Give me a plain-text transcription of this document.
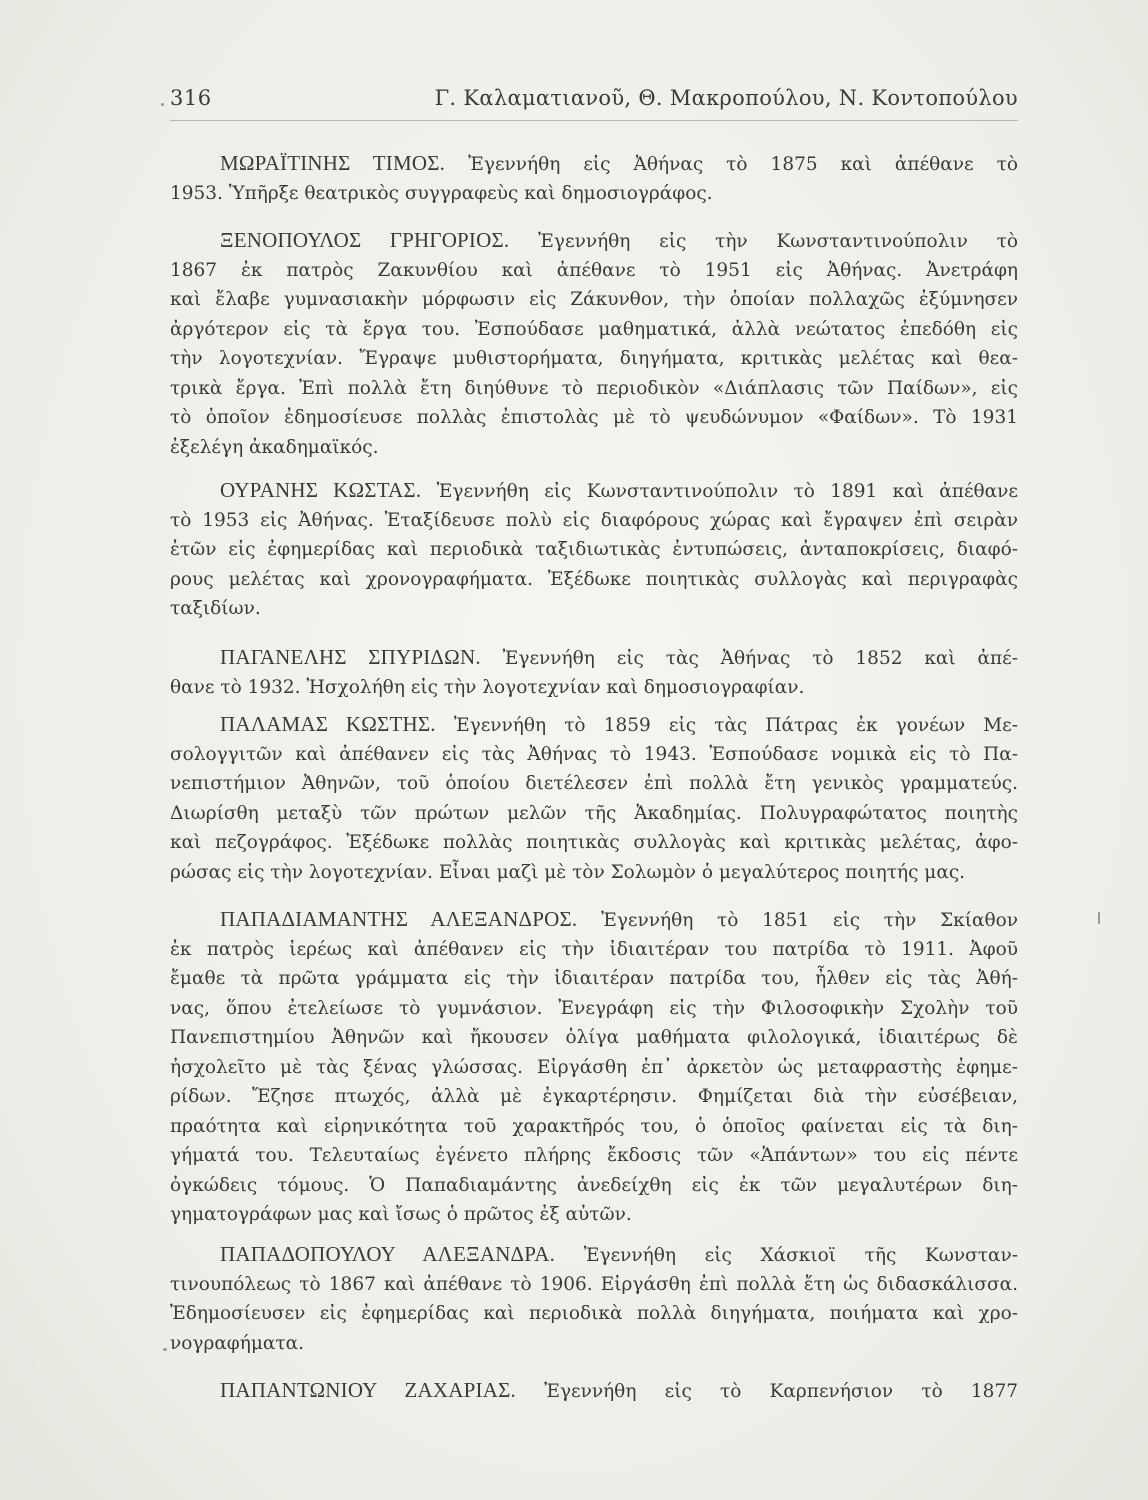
316	Γ. Καλαματιανοῦ, Θ. Μακροπούλου, Ν. Κοντοπούλου
ΜΩΡΑΪΤΙΝΗΣ ΤΙΜΟΣ. Ἐγεννήθη εἰς Ἀθήνας τὸ 1875 καὶ ἀπέθανε τὸ
1953. Ὑπῆρξε θεατρικὸς συγγραφεὺς καὶ δημοσιογράφος.
ΞΕΝΟΠΟΥΛΟΣ ΓΡΗΓΟΡΙΟΣ. Ἐγεννήθη εἰς τὴν Κωνσταντινούπολιν τὸ
1867 ἐκ πατρὸς Ζακυνθίου καὶ ἀπέθανε τὸ 1951 εἰς Ἀθήνας. Ἀνετράφη
καὶ ἔλαβε γυμνασιακὴν μόρφωσιν εἰς Ζάκυνθον, τὴν ὁποίαν πολλαχῶς ἐξύμνησεν
ἀργότερον εἰς τὰ ἔργα του. Ἐσπούδασε μαθηματικά, ἀλλὰ νεώτατος ἐπεδόθη εἰς
τὴν λογοτεχνίαν. Ἔγραψε μυθιστορήματα, διηγήματα, κριτικὰς μελέτας καὶ θεα-
τρικὰ ἔργα. Ἐπὶ πολλὰ ἔτη διηύθυνε τὸ περιοδικὸν «Διάπλασις τῶν Παίδων», εἰς
τὸ ὁποῖον ἐδημοσίευσε πολλὰς ἐπιστολὰς μὲ τὸ ψευδώνυμον «Φαίδων». Τὸ 1931
ἐξελέγη ἀκαδημαϊκός.
ΟΥΡΑΝΗΣ ΚΩΣΤΑΣ. Ἐγεννήθη εἰς Κωνσταντινούπολιν τὸ 1891 καὶ ἀπέθανε
τὸ 1953 εἰς Ἀθήνας. Ἐταξίδευσε πολὺ εἰς διαφόρους χώρας καὶ ἔγραψεν ἐπὶ σειρὰν
ἐτῶν εἰς ἐφημερίδας καὶ περιοδικὰ ταξιδιωτικὰς ἐντυπώσεις, ἀνταποκρίσεις, διαφό-
ρους μελέτας καὶ χρονογραφήματα. Ἐξέδωκε ποιητικὰς συλλογὰς καὶ περιγραφὰς
ταξιδίων.
ΠΑΓΑΝΕΛΗΣ ΣΠΥΡΙΔΩΝ. Ἐγεννήθη εἰς τὰς Ἀθήνας τὸ 1852 καὶ ἀπέ-
θανε τὸ 1932. Ἠσχολήθη εἰς τὴν λογοτεχνίαν καὶ δημοσιογραφίαν.
ΠΑΛΑΜΑΣ ΚΩΣΤΗΣ. Ἐγεννήθη τὸ 1859 εἰς τὰς Πάτρας ἐκ γονέων Με-
σολογγιτῶν καὶ ἀπέθανεν εἰς τὰς Ἀθήνας τὸ 1943. Ἐσπούδασε νομικὰ εἰς τὸ Πα-
νεπιστήμιον Ἀθηνῶν, τοῦ ὁποίου διετέλεσεν ἐπὶ πολλὰ ἔτη γενικὸς γραμματεύς.
Διωρίσθη μεταξὺ τῶν πρώτων μελῶν τῆς Ἀκαδημίας. Πολυγραφώτατος ποιητὴς
καὶ πεζογράφος. Ἐξέδωκε πολλὰς ποιητικὰς συλλογὰς καὶ κριτικὰς μελέτας, ἀφο-
ρώσας εἰς τὴν λογοτεχνίαν. Εἶναι μαζὶ μὲ τὸν Σολωμὸν ὁ μεγαλύτερος ποιητής μας.
ΠΑΠΑΔΙΑΜΑΝΤΗΣ ΑΛΕΞΑΝΔΡΟΣ. Ἐγεννήθη τὸ 1851 εἰς τὴν Σκίαθον
ἐκ πατρὸς ἱερέως καὶ ἀπέθανεν εἰς τὴν ἰδιαιτέραν του πατρίδα τὸ 1911. Ἀφοῦ
ἔμαθε τὰ πρῶτα γράμματα εἰς τὴν ἰδιαιτέραν πατρίδα του, ἦλθεν εἰς τὰς Ἀθή-
νας, ὅπου ἐτελείωσε τὸ γυμνάσιον. Ἐνεγράφη εἰς τὴν Φιλοσοφικὴν Σχολὴν τοῦ
Πανεπιστημίου Ἀθηνῶν καὶ ἤκουσεν ὀλίγα μαθήματα φιλολογικά, ἰδιαιτέρως δὲ
ἠσχολεῖτο μὲ τὰς ξένας γλώσσας. Εἰργάσθη ἐπ᾽ ἀρκετὸν ὡς μεταφραστὴς ἐφημε-
ρίδων. Ἔζησε πτωχός, ἀλλὰ μὲ ἐγκαρτέρησιν. Φημίζεται διὰ τὴν εὐσέβειαν,
πραότητα καὶ εἰρηνικότητα τοῦ χαρακτῆρός του, ὁ ὁποῖος φαίνεται εἰς τὰ διη-
γήματά του. Τελευταίως ἐγένετο πλήρης ἔκδοσις τῶν «Ἁπάντων» του εἰς πέντε
ὀγκώδεις τόμους. Ὁ Παπαδιαμάντης ἀνεδείχθη εἰς ἐκ τῶν μεγαλυτέρων διη-
γηματογράφων μας καὶ ἴσως ὁ πρῶτος ἐξ αὐτῶν.
ΠΑΠΑΔΟΠΟΥΛΟΥ ΑΛΕΞΑΝΔΡΑ. Ἐγεννήθη εἰς Χάσκιοϊ τῆς Κωνσταν-
τινουπόλεως τὸ 1867 καὶ ἀπέθανε τὸ 1906. Εἰργάσθη ἐπὶ πολλὰ ἔτη ὡς διδασκάλισσα.
Ἐδημοσίευσεν εἰς ἐφημερίδας καὶ περιοδικὰ πολλὰ διηγήματα, ποιήματα καὶ χρο-
νογραφήματα.
ΠΑΠΑΝΤΩΝΙΟΥ ΖΑΧΑΡΙΑΣ. Ἐγεννήθη εἰς τὸ Καρπενήσιον τὸ 1877
